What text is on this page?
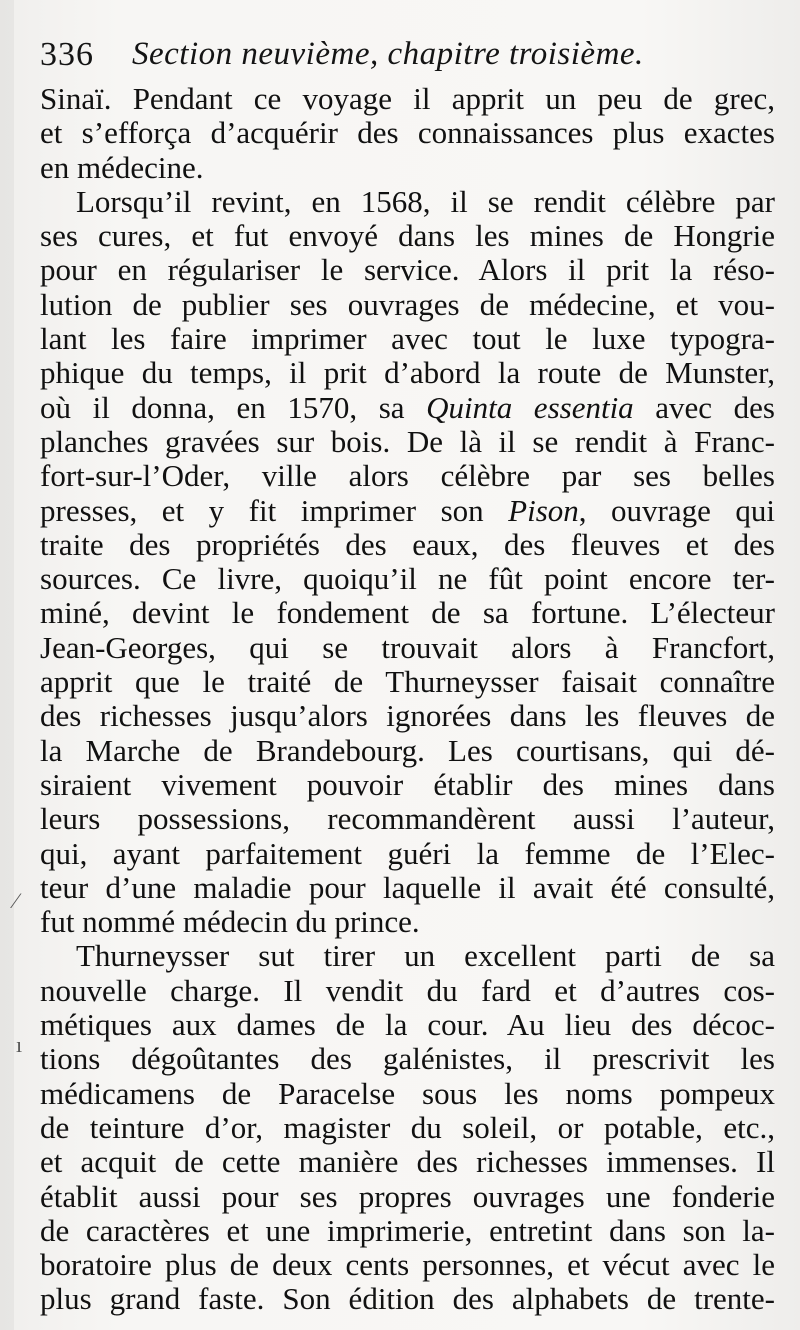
336 Section neuvième, chapitre troisième.
Sinaï. Pendant ce voyage il apprit un peu de grec,
et s’efforça d’acquérir des connaissances plus exactes
en médecine.
Lorsqu’il revint, en 1568, il se rendit célèbre par
ses cures, et fut envoyé dans les mines de Hongrie
pour en régulariser le service. Alors il prit la réso-
lution de publier ses ouvrages de médecine, et vou-
lant les faire imprimer avec tout le luxe typogra-
phique du temps, il prit d’abord la route de Munster,
où il donna, en 1570, sa Quinta essentia avec des
planches gravées sur bois. De là il se rendit à Franc-
fort-sur-l’Oder, ville alors célèbre par ses belles
presses, et y fit imprimer son Pison, ouvrage qui
traite des propriétés des eaux, des fleuves et des
sources. Ce livre, quoiqu’il ne fût point encore ter-
miné, devint le fondement de sa fortune. L’électeur
Jean-Georges, qui se trouvait alors à Francfort,
apprit que le traité de Thurneysser faisait connaître
des richesses jusqu’alors ignorées dans les fleuves de
la Marche de Brandebourg. Les courtisans, qui dé-
siraient vivement pouvoir établir des mines dans
leurs possessions, recommandèrent aussi l’auteur,
qui, ayant parfaitement guéri la femme de l’Elec-
teur d’une maladie pour laquelle il avait été consulté,
fut nommé médecin du prince.
Thurneysser sut tirer un excellent parti de sa
nouvelle charge. Il vendit du fard et d’autres cos-
métiques aux dames de la cour. Au lieu des décoc-
tions dégoûtantes des galénistes, il prescrivit les
médicamens de Paracelse sous les noms pompeux
de teinture d’or, magister du soleil, or potable, etc.,
et acquit de cette manière des richesses immenses. Il
établit aussi pour ses propres ouvrages une fonderie
de caractères et une imprimerie, entretint dans son la-
boratoire plus de deux cents personnes, et vécut avec le
plus grand faste. Son édition des alphabets de trente-
⁄
ı
